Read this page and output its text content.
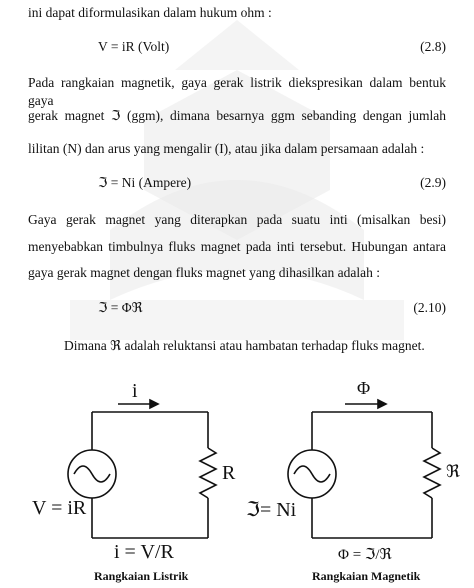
ini dapat diformulasikan dalam hukum ohm :
V = iR (Volt)	(2.8)
Pada rangkaian magnetik, gaya gerak listrik diekspresikan dalam bentuk gaya
gerak magnet ℑ (ggm), dimana besarnya ggm sebanding dengan jumlah
lilitan (N) dan arus yang mengalir (I), atau jika dalam persamaan adalah :
ℑ = Ni (Ampere)	(2.9)
Gaya gerak magnet yang diterapkan pada suatu inti (misalkan besi)
menyebabkan timbulnya fluks magnet pada inti tersebut. Hubungan antara
gaya gerak magnet dengan fluks magnet yang dihasilkan adalah :
ℑ = Φℜ	(2.10)
Dimana ℜ adalah reluktansi atau hambatan terhadap fluks magnet.
i
R
V = iR
i = V/R
Rangkaian Listrik
Φ
ℜ
ℑ= Ni
Φ = ℑ/ℜ
Rangkaian Magnetik
